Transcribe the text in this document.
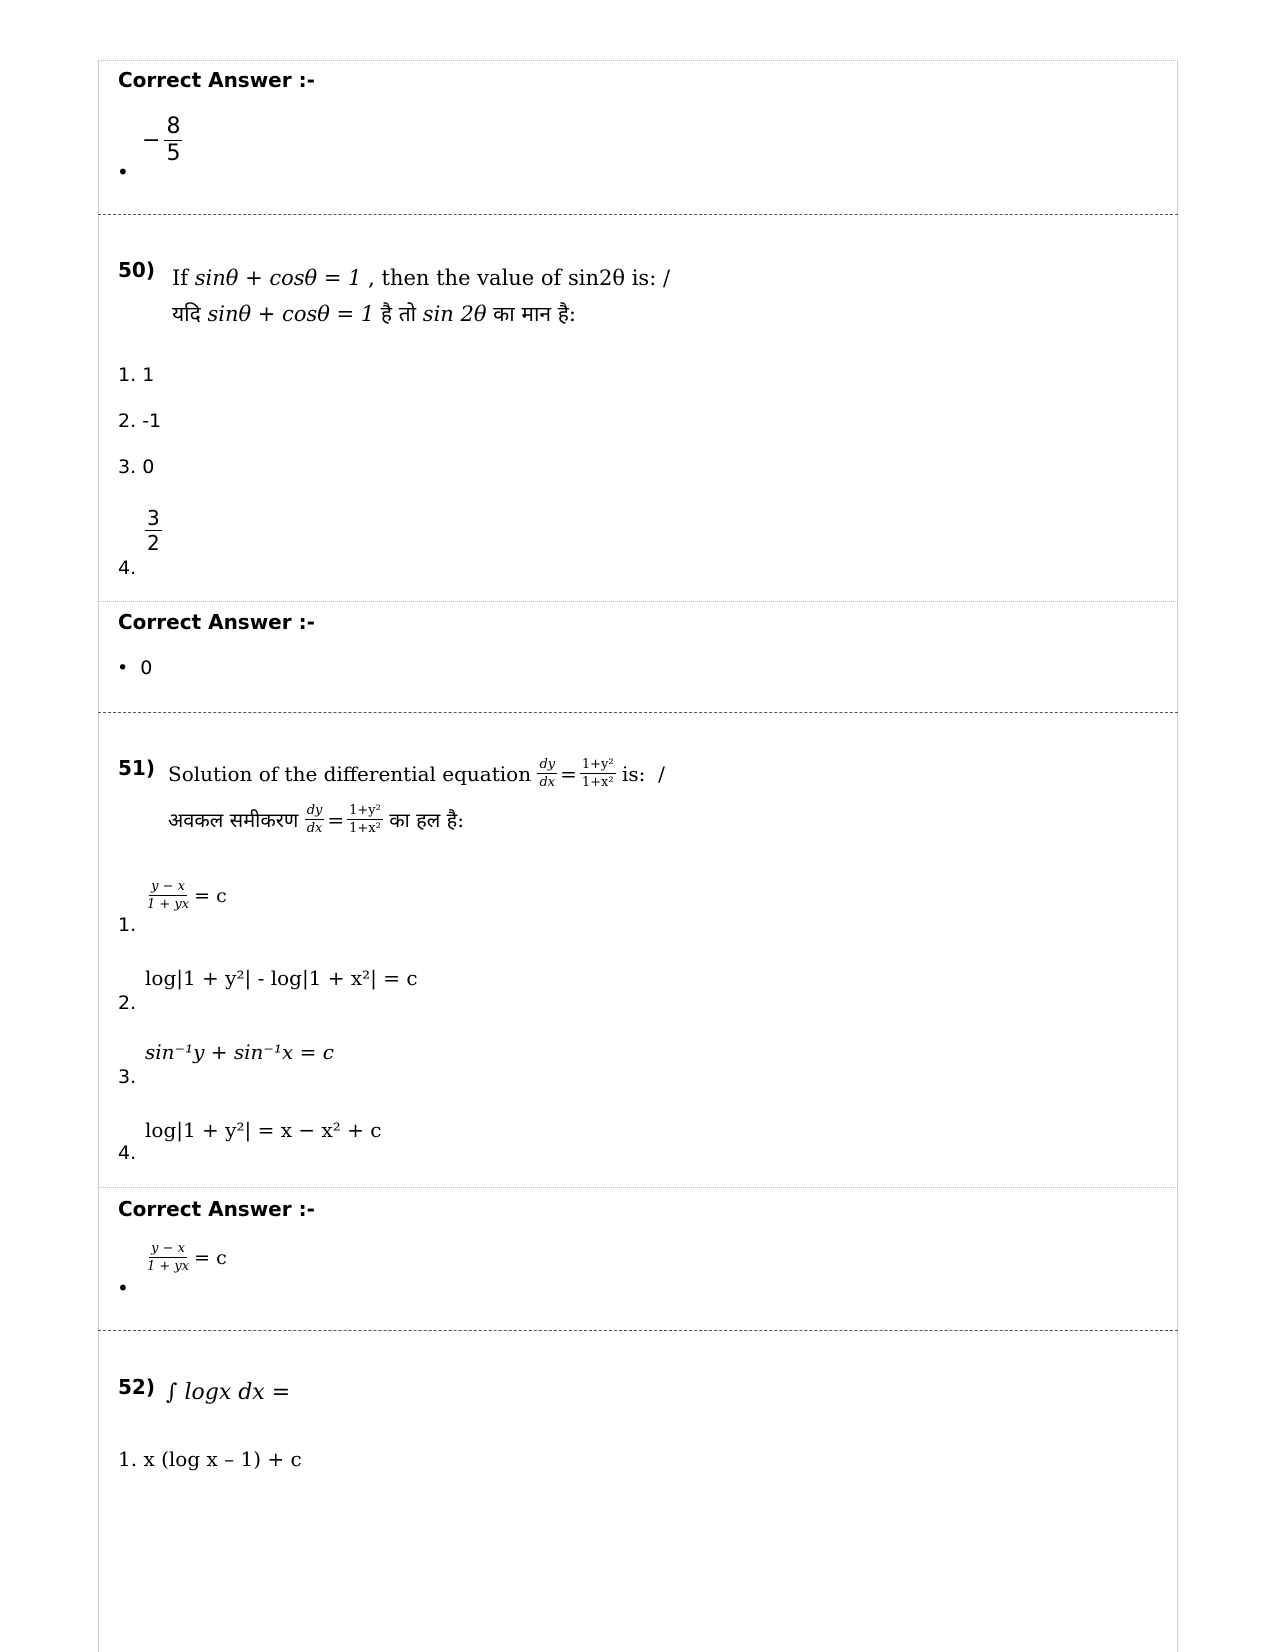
Correct Answer :-
•
− $\frac{8}{5}$
50) If sinθ + cosθ = 1 , then the value of sin2θ is: /
यदि sinθ + cosθ = 1 है तो sin 2θ का मान है:
1. 1
2. -1
3. 0
4.
$\frac{3}{2}$
Correct Answer :-
•  0
51) Solution of the differential equation $\frac{dy}{dx} = \frac{\text{1+y²}}{\text{1+x²}}$ is:  /
अवकल समीकरण $\frac{dy}{dx} = \frac{\text{1+y²}}{\text{1+x²}}$ का हल है:
1.
$\frac{y - x}{1 + yx} = c$
2.
log|1 + y²| - log|1 + x²| = c
3.
sin⁻¹y + sin⁻¹x = c
4.
log|1 + y²| = x − x² + c
Correct Answer :-
•
$\frac{y - x}{1 + yx} = c$
52) ∫ logx dx =
1. x (log x – 1) + c
